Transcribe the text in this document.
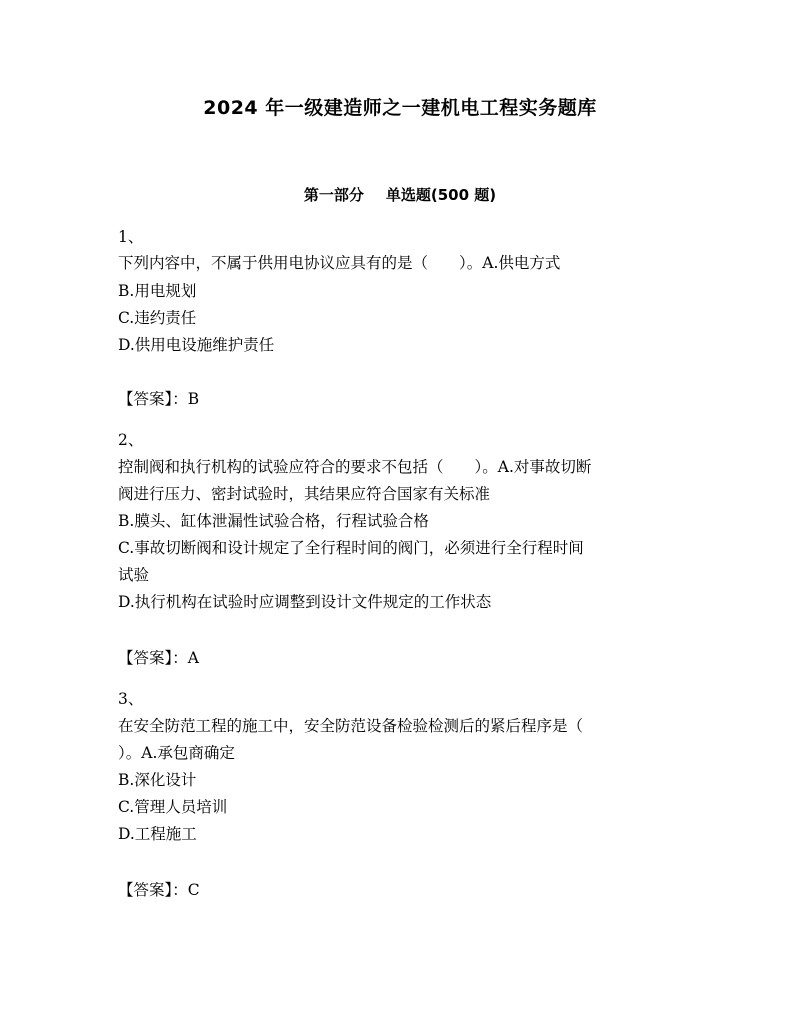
2024 年一级建造师之一建机电工程实务题库
第一部分 单选题(500 题)
1、
下列内容中，不属于供用电协议应具有的是（　　）。A.供电方式
B.用电规划
C.违约责任
D.供用电设施维护责任
【答案】：B
2、
控制阀和执行机构的试验应符合的要求不包括（　　）。A.对事故切断
阀进行压力、密封试验时，其结果应符合国家有关标准
B.膜头、缸体泄漏性试验合格，行程试验合格
C.事故切断阀和设计规定了全行程时间的阀门，必须进行全行程时间
试验
D.执行机构在试验时应调整到设计文件规定的工作状态
【答案】：A
3、
在安全防范工程的施工中，安全防范设备检验检测后的紧后程序是（
）。A.承包商确定
B.深化设计
C.管理人员培训
D.工程施工
【答案】：C
